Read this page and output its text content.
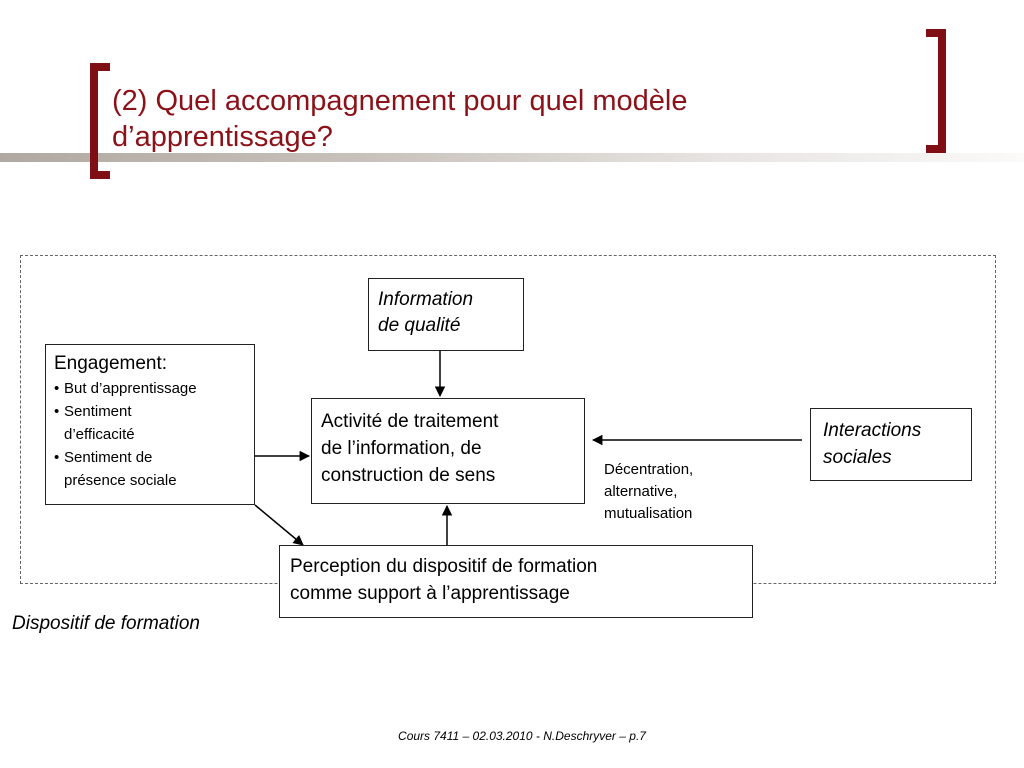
(2) Quel accompagnement pour quel modèle
d’apprentissage?
Information
de qualité
Engagement:
• But d’apprentissage
• Sentiment
d’efficacité
• Sentiment de
présence sociale
Activité de traitement
de l’information, de
construction de sens
Interactions
sociales
Décentration,
alternative,
mutualisation
Perception du dispositif de formation
comme support à l’apprentissage
Dispositif de formation
Cours 7411 – 02.03.2010 - N.Deschryver – p.7
